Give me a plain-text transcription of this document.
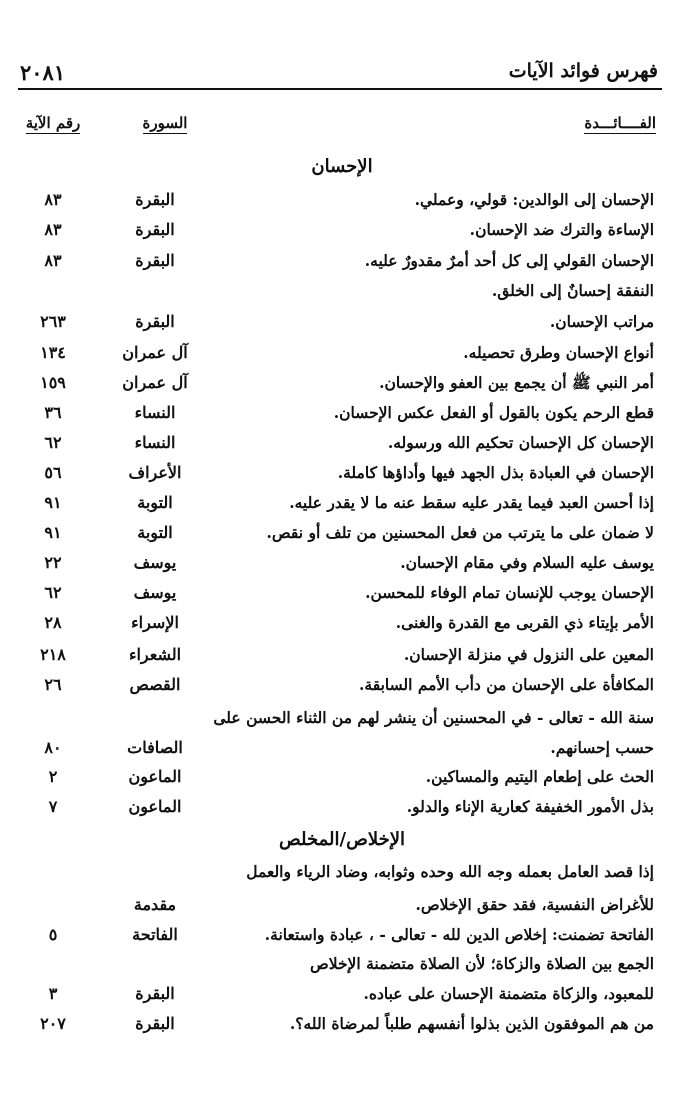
فهرس فوائد الآيات
٢٠٨١
الفــــائـــدة
السورة
رقم الآية
الإحسان
الإحسان إلى الوالدين: قولي، وعملي.
البقرة
٨٣
الإساءة والترك ضد الإحسان.
البقرة
٨٣
الإحسان القولي إلى كل أحد أمرٌ مقدورٌ عليه.
البقرة
٨٣
النفقة إحسانٌ إلى الخلق.
مراتب الإحسان.
البقرة
٢٦٣
أنواع الإحسان وطرق تحصيله.
آل عمران
١٣٤
أمر النبي ﷺ أن يجمع بين العفو والإحسان.
آل عمران
١٥٩
قطع الرحم يكون بالقول أو الفعل عكس الإحسان.
النساء
٣٦
الإحسان كل الإحسان تحكيم الله ورسوله.
النساء
٦٢
الإحسان في العبادة بذل الجهد فيها وأداؤها كاملة.
الأعراف
٥٦
إذا أحسن العبد فيما يقدر عليه سقط عنه ما لا يقدر عليه.
التوبة
٩١
لا ضمان على ما يترتب من فعل المحسنين من تلف أو نقص.
التوبة
٩١
يوسف عليه السلام وفي مقام الإحسان.
يوسف
٢٢
الإحسان يوجب للإنسان تمام الوفاء للمحسن.
يوسف
٦٢
الأمر بإيتاء ذي القربى مع القدرة والغنى.
الإسراء
٢٨
المعين على النزول في منزلة الإحسان.
الشعراء
٢١٨
المكافأة على الإحسان من دأب الأمم السابقة.
القصص
٢٦
سنة الله - تعالى - في المحسنين أن ينشر لهم من الثناء الحسن على
حسب إحسانهم.
الصافات
٨٠
الحث على إطعام اليتيم والمساكين.
الماعون
٢
بذل الأمور الخفيفة كعارية الإناء والدلو.
الماعون
٧
الإخلاص/المخلص
إذا قصد العامل بعمله وجه الله وحده وثوابه، وضاد الرياء والعمل
للأغراض النفسية، فقد حقق الإخلاص.
مقدمة
الفاتحة تضمنت: إخلاص الدين لله - تعالى - ، عبادة واستعانة.
الفاتحة
٥
الجمع بين الصلاة والزكاة؛ لأن الصلاة متضمنة الإخلاص
للمعبود، والزكاة متضمنة الإحسان على عباده.
البقرة
٣
من هم الموفقون الذين بذلوا أنفسهم طلباً لمرضاة الله؟.
البقرة
٢٠٧
